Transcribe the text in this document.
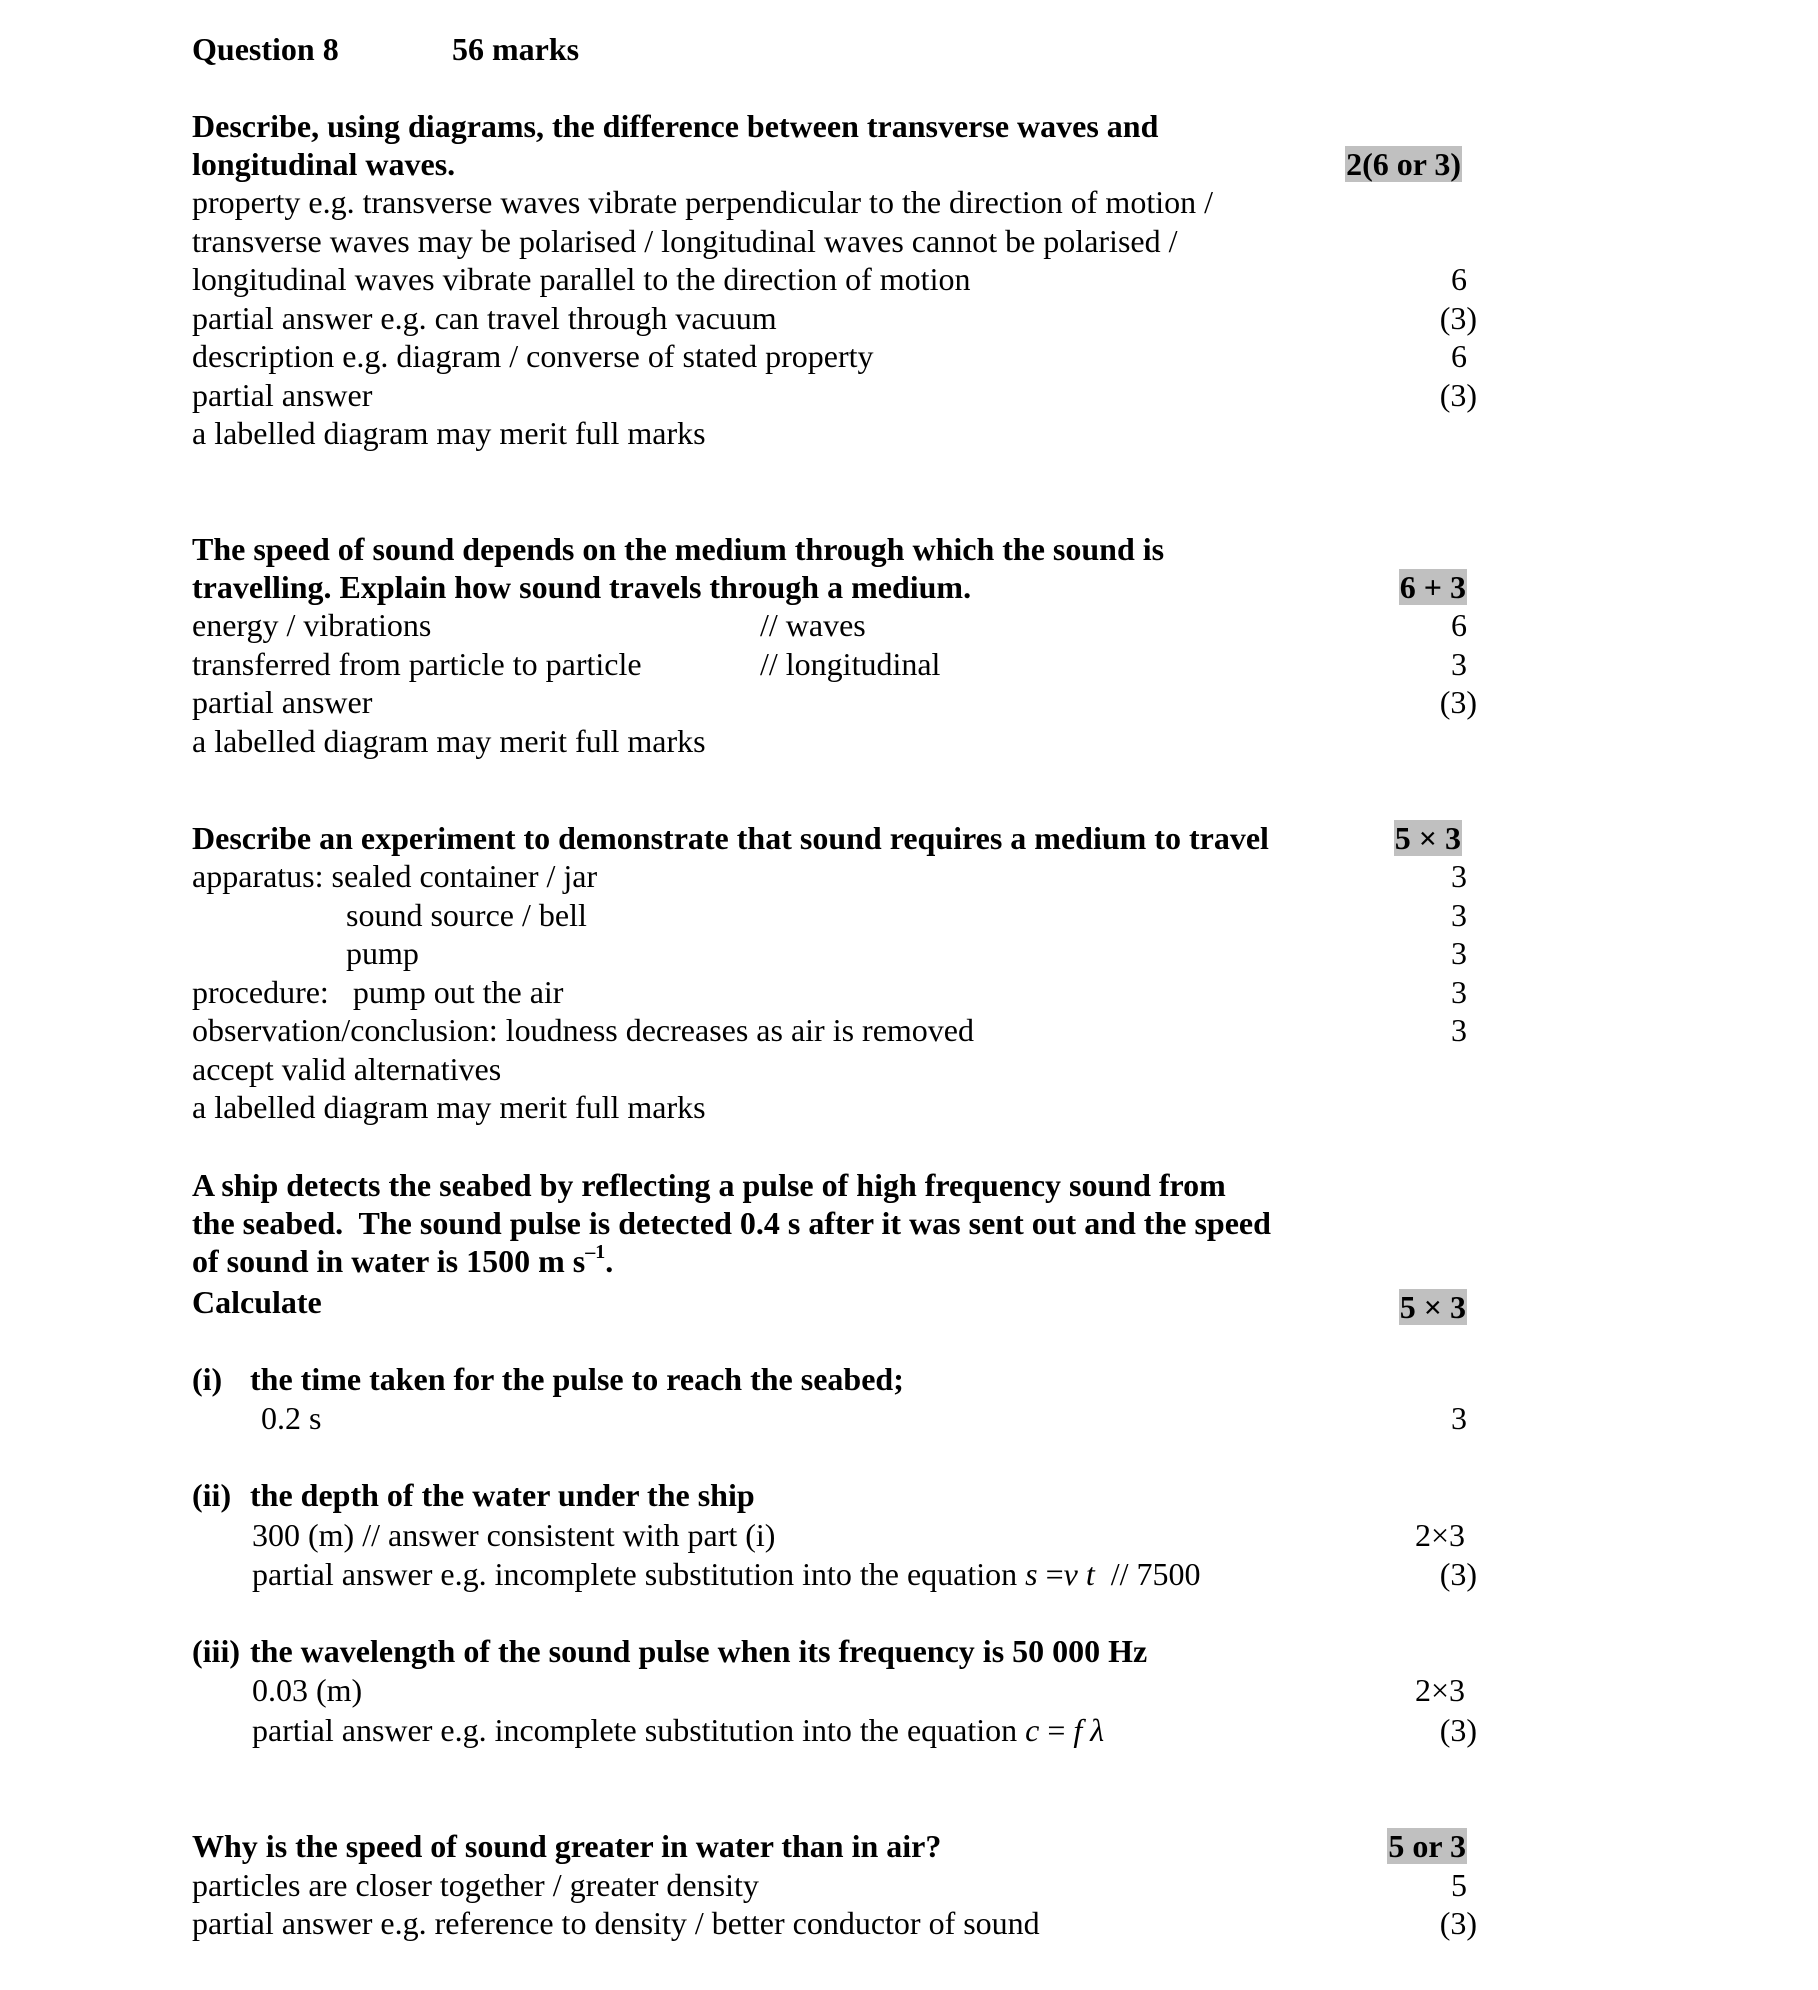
Question 8	56 marks
Describe, using diagrams, the difference between transverse waves and
longitudinal waves.	2(6 or 3)
property e.g. transverse waves vibrate perpendicular to the direction of motion /
transverse waves may be polarised / longitudinal waves cannot be polarised /
longitudinal waves vibrate parallel to the direction of motion	6
partial answer e.g. can travel through vacuum	(3)
description e.g. diagram / converse of stated property	6
partial answer	(3)
a labelled diagram may merit full marks
The speed of sound depends on the medium through which the sound is
travelling. Explain how sound travels through a medium.	6 + 3
energy / vibrations	// waves	6
transferred from particle to particle	// longitudinal	3
partial answer	(3)
a labelled diagram may merit full marks
Describe an experiment to demonstrate that sound requires a medium to travel	5 × 3
apparatus: sealed container / jar	3
sound source / bell	3
pump	3
procedure:   pump out the air	3
observation/conclusion: loudness decreases as air is removed	3
accept valid alternatives
a labelled diagram may merit full marks
A ship detects the seabed by reflecting a pulse of high frequency sound from
the seabed.  The sound pulse is detected 0.4 s after it was sent out and the speed
of sound in water is 1500 m $s^{-1}$.
Calculate	5 × 3
(i) the time taken for the pulse to reach the seabed;
0.2 s	3
(ii) the depth of the water under the ship
300 (m) // answer consistent with part (i)	2×3
partial answer e.g. incomplete substitution into the equation s =v t  // 7500	(3)
(iii) the wavelength of the sound pulse when its frequency is 50 000 Hz
0.03 (m)	2×3
partial answer e.g. incomplete substitution into the equation c = f λ	(3)
Why is the speed of sound greater in water than in air?	5 or 3
particles are closer together / greater density	5
partial answer e.g. reference to density / better conductor of sound	(3)
